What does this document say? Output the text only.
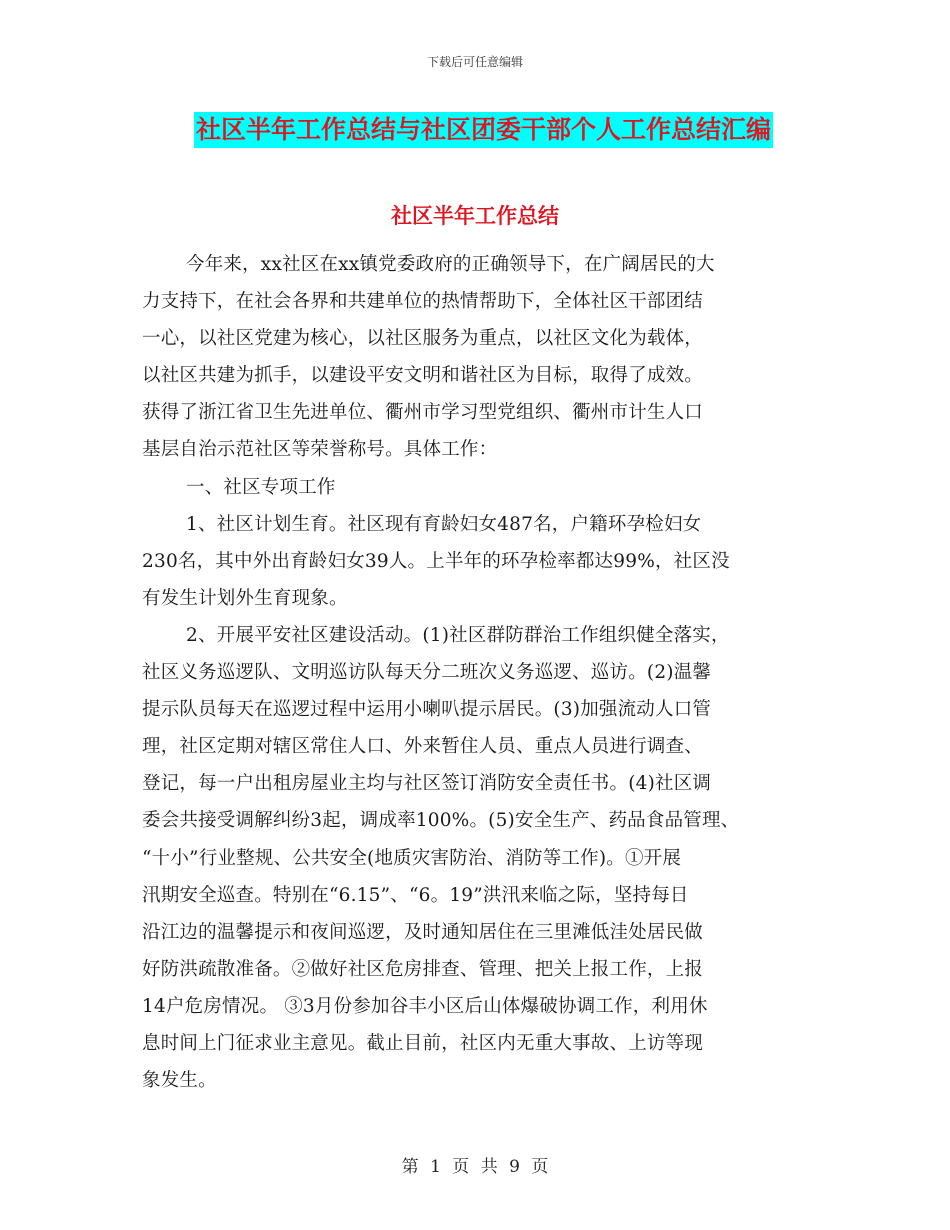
下载后可任意编辑
社区半年工作总结与社区团委干部个人工作总结汇编
社区半年工作总结
今年来，xx社区在xx镇党委政府的正确领导下，在广阔居民的大
力支持下，在社会各界和共建单位的热情帮助下，全体社区干部团结
一心，以社区党建为核心，以社区服务为重点，以社区文化为载体，
以社区共建为抓手，以建设平安文明和谐社区为目标，取得了成效。
获得了浙江省卫生先进单位、衢州市学习型党组织、衢州市计生人口
基层自治示范社区等荣誉称号。具体工作：
一、社区专项工作
1、社区计划生育。社区现有育龄妇女487名，户籍环孕检妇女
230名，其中外出育龄妇女39人。上半年的环孕检率都达99%，社区没
有发生计划外生育现象。
2、开展平安社区建设活动。(1)社区群防群治工作组织健全落实，
社区义务巡逻队、文明巡访队每天分二班次义务巡逻、巡访。(2)温馨
提示队员每天在巡逻过程中运用小喇叭提示居民。(3)加强流动人口管
理，社区定期对辖区常住人口、外来暂住人员、重点人员进行调查、
登记，每一户出租房屋业主均与社区签订消防安全责任书。(4)社区调
委会共接受调解纠纷3起，调成率100%。(5)安全生产、药品食品管理、
“十小”行业整规、公共安全(地质灾害防治、消防等工作)。①开展
汛期安全巡查。特别在“6.15”、“6。19”洪汛来临之际，坚持每日
沿江边的温馨提示和夜间巡逻，及时通知居住在三里滩低洼处居民做
好防洪疏散准备。②做好社区危房排查、管理、把关上报工作，上报
14户危房情况。 ③3月份参加谷丰小区后山体爆破协调工作，利用休
息时间上门征求业主意见。截止目前，社区内无重大事故、上访等现
象发生。
第 1 页 共 9 页
